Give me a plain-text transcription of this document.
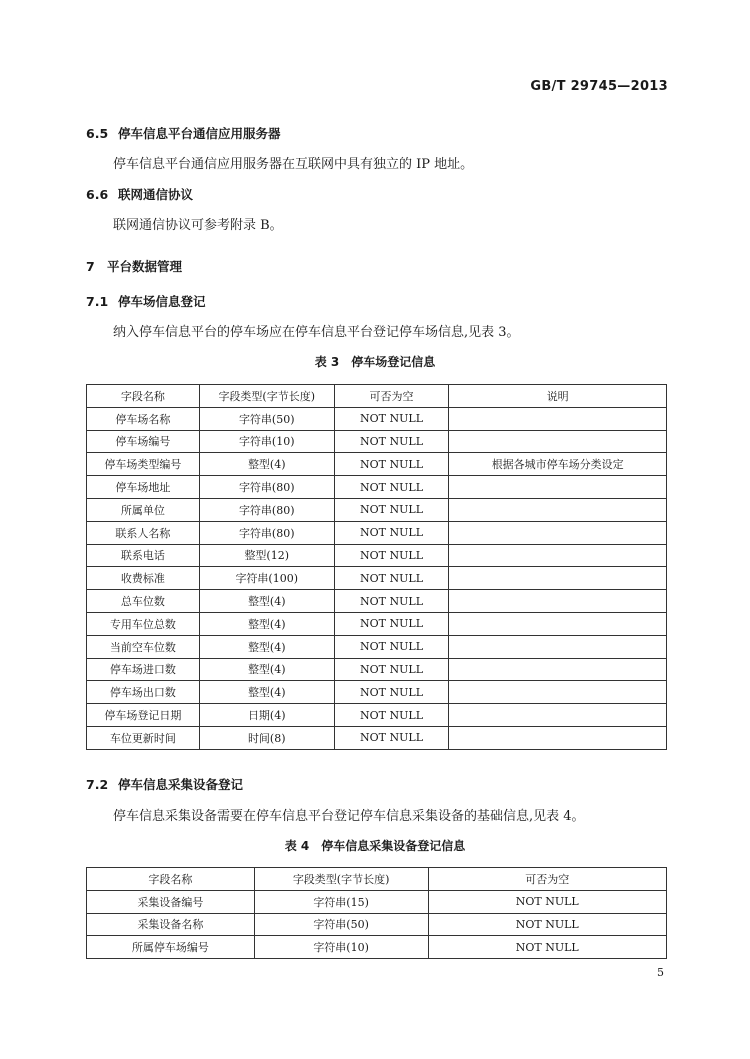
GB/T 29745—2013
6.5 停车信息平台通信应用服务器
停车信息平台通信应用服务器在互联网中具有独立的 IP 地址。
6.6 联网通信协议
联网通信协议可参考附录 B。
7 平台数据管理
7.1 停车场信息登记
纳入停车信息平台的停车场应在停车信息平台登记停车场信息,见表 3。
表 3　停车场登记信息
字段名称	字段类型(字节长度)	可否为空	说明
停车场名称	字符串(50)	NOT NULL	
停车场编号	字符串(10)	NOT NULL	
停车场类型编号	整型(4)	NOT NULL	根据各城市停车场分类设定
停车场地址	字符串(80)	NOT NULL	
所属单位	字符串(80)	NOT NULL	
联系人名称	字符串(80)	NOT NULL	
联系电话	整型(12)	NOT NULL	
收费标准	字符串(100)	NOT NULL	
总车位数	整型(4)	NOT NULL	
专用车位总数	整型(4)	NOT NULL	
当前空车位数	整型(4)	NOT NULL	
停车场进口数	整型(4)	NOT NULL	
停车场出口数	整型(4)	NOT NULL	
停车场登记日期	日期(4)	NOT NULL	
车位更新时间	时间(8)	NOT NULL	
7.2 停车信息采集设备登记
停车信息采集设备需要在停车信息平台登记停车信息采集设备的基础信息,见表 4。
表 4　停车信息采集设备登记信息
字段名称	字段类型(字节长度)	可否为空
采集设备编号	字符串(15)	NOT NULL
采集设备名称	字符串(50)	NOT NULL
所属停车场编号	字符串(10)	NOT NULL
5
